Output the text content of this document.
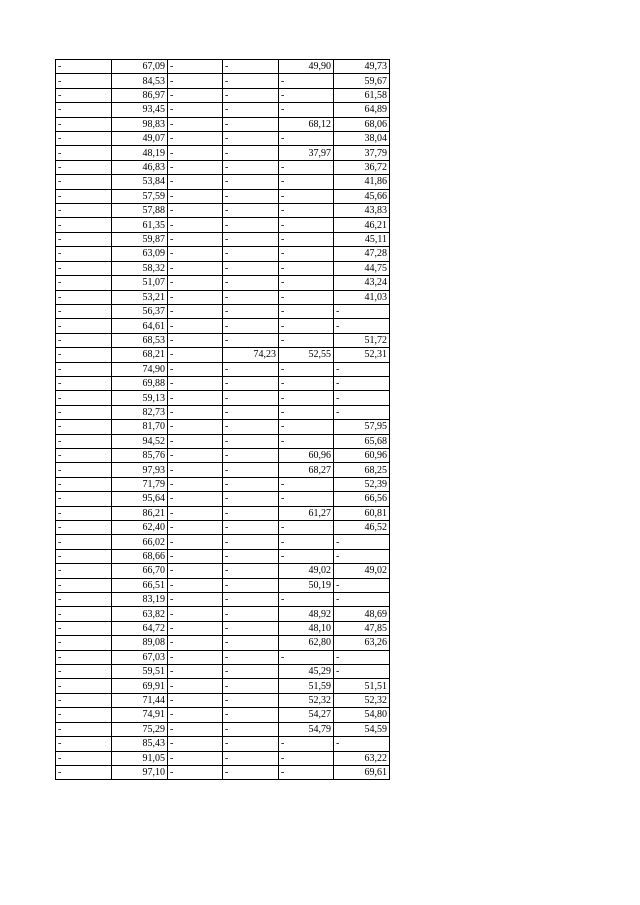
-	67,09	-	-	49,90	49,73
-	84,53	-	-	-	59,67
-	86,97	-	-	-	61,58
-	93,45	-	-	-	64,89
-	98,83	-	-	68,12	68,06
-	49,07	-	-	-	38,04
-	48,19	-	-	37,97	37,79
-	46,83	-	-	-	36,72
-	53,84	-	-	-	41,86
-	57,59	-	-	-	45,66
-	57,88	-	-	-	43,83
-	61,35	-	-	-	46,21
-	59,87	-	-	-	45,11
-	63,09	-	-	-	47,28
-	58,32	-	-	-	44,75
-	51,07	-	-	-	43,24
-	53,21	-	-	-	41,03
-	56,37	-	-	-	-
-	64,61	-	-	-	-
-	68,53	-	-	-	51,72
-	68,21	-	74,23	52,55	52,31
-	74,90	-	-	-	-
-	69,88	-	-	-	-
-	59,13	-	-	-	-
-	82,73	-	-	-	-
-	81,70	-	-	-	57,95
-	94,52	-	-	-	65,68
-	85,76	-	-	60,96	60,96
-	97,93	-	-	68,27	68,25
-	71,79	-	-	-	52,39
-	95,64	-	-	-	66,56
-	86,21	-	-	61,27	60,81
-	62,40	-	-	-	46,52
-	66,02	-	-	-	-
-	68,66	-	-	-	-
-	66,70	-	-	49,02	49,02
-	66,51	-	-	50,19	-
-	83,19	-	-	-	-
-	63,82	-	-	48,92	48,69
-	64,72	-	-	48,10	47,85
-	89,08	-	-	62,80	63,26
-	67,03	-	-	-	-
-	59,51	-	-	45,29	-
-	69,91	-	-	51,59	51,51
-	71,44	-	-	52,32	52,32
-	74,91	-	-	54,27	54,80
-	75,29	-	-	54,79	54,59
-	85,43	-	-	-	-
-	91,05	-	-	-	63,22
-	97,10	-	-	-	69,61
